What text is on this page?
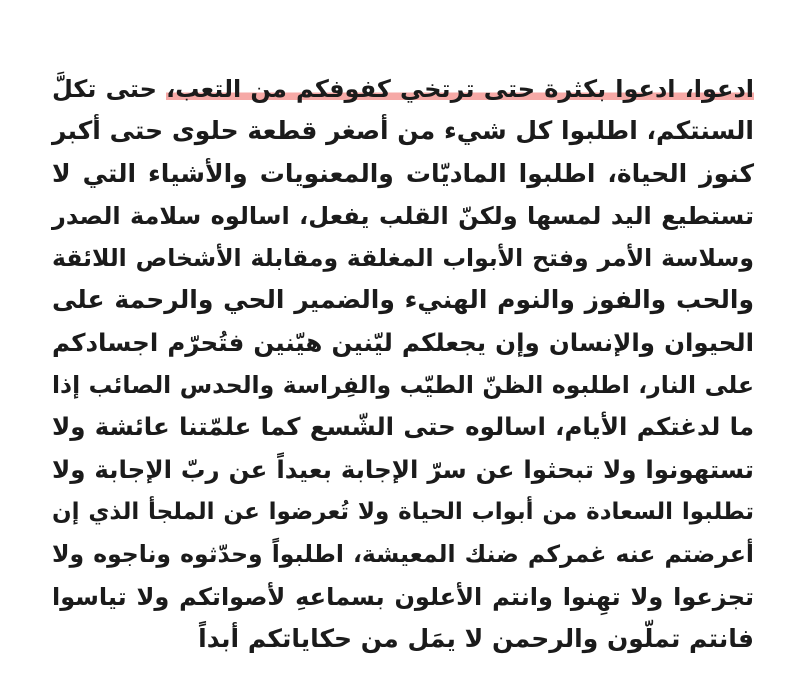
ادعوا، ادعوا بكثرة حتى ترتخي كفوفكم من التعب، حتى تكلَّ
السنتكم، اطلبوا كل شيء من أصغر قطعة حلوى حتى أكبر
كنوز الحياة، اطلبوا الماديّات والمعنويات والأشياء التي لا
تستطيع اليد لمسها ولكنّ القلب يفعل، اسالوه سلامة الصدر
وسلاسة الأمر وفتح الأبواب المغلقة ومقابلة الأشخاص اللائقة
والحب والفوز والنوم الهنيء والضمير الحي والرحمة على
الحيوان والإنسان وإن يجعلكم ليّنين هيّنين فتُحرّم اجسادكم
على النار، اطلبوه الظنّ الطيّب والفِراسة والحدس الصائب إذا
ما لدغتكم الأيام، اسالوه حتى الشّسع كما علمّتنا عائشة ولا
تستهونوا ولا تبحثوا عن سرّ الإجابة بعيداً عن ربّ الإجابة ولا
تطلبوا السعادة من أبواب الحياة ولا تُعرضوا عن الملجأ الذي إن
أعرضتم عنه غمركم ضنك المعيشة، اطلبواً وحدّثوه وناجوه ولا
تجزعوا ولا تهِنوا وانتم الأعلون بسماعهِ لأصواتكم ولا تياسوا
فانتم تملّون والرحمن لا يمَل من حكاياتكم أبداً
